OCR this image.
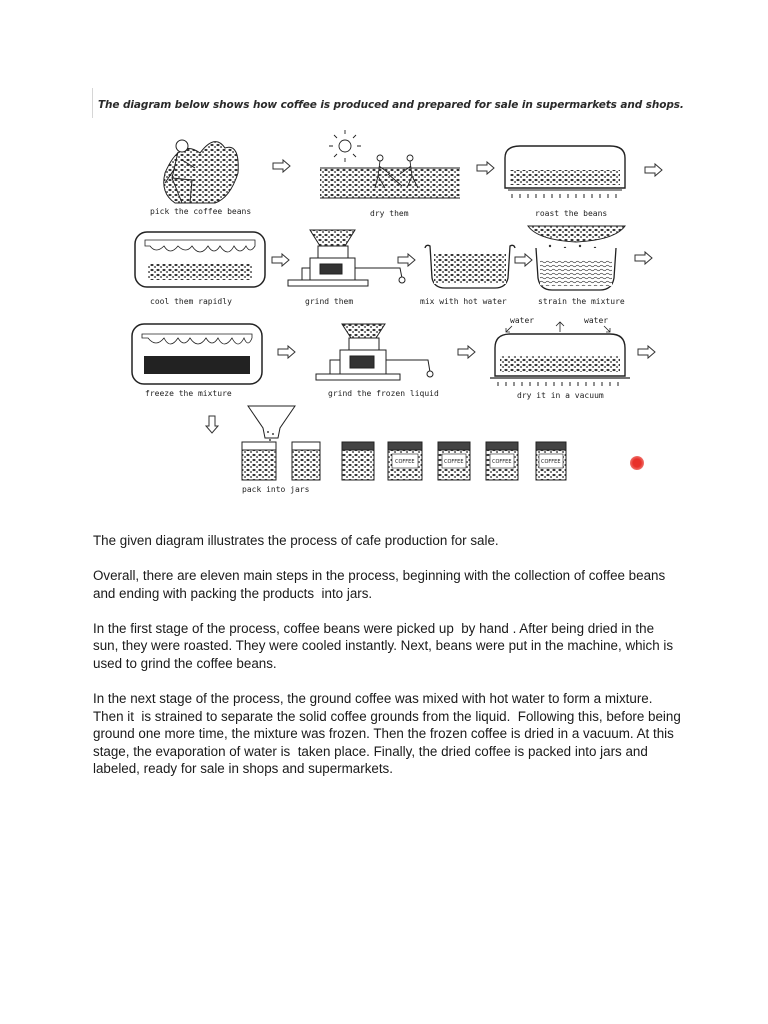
The diagram below shows how coffee is produced and prepared for sale in supermarkets and shops.
pick the coffee beans	dry them	roast the beans
cool them rapidly	grind them	mix with hot water	strain the mixture
freeze the mixture	grind the frozen liquid
water	water
dry it in a vacuum
COFFEE	COFFEE	COFFEE	COFFEE
pack into jars

The given diagram illustrates the process of cafe production for sale.

Overall, there are eleven main steps in the process, beginning with the collection of coffee beans and ending with packing the products  into jars.

In the first stage of the process, coffee beans were picked up  by hand . After being dried in the sun, they were roasted. They were cooled instantly. Next, beans were put in the machine, which is used to grind the coffee beans.

In the next stage of the process, the ground coffee was mixed with hot water to form a mixture. Then it  is strained to separate the solid coffee grounds from the liquid.  Following this, before being ground one more time, the mixture was frozen. Then the frozen coffee is dried in a vacuum. At this stage, the evaporation of water is  taken place. Finally, the dried coffee is packed into jars and labeled, ready for sale in shops and supermarkets.
